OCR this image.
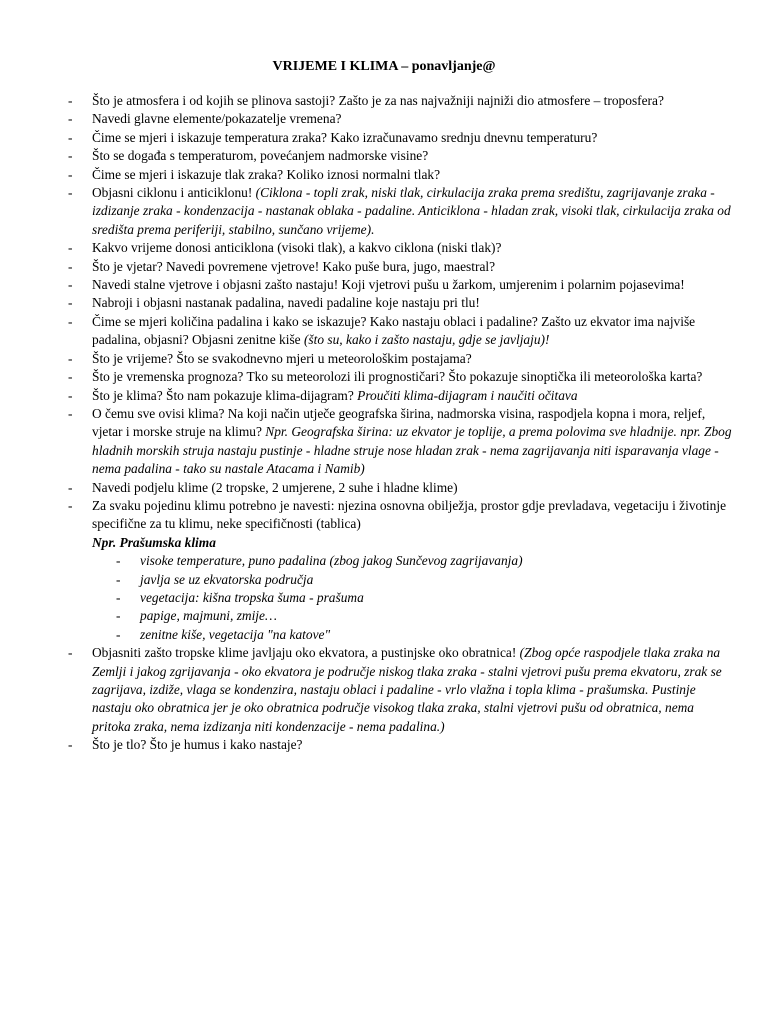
VRIJEME I KLIMA – ponavljanje@
- Što je atmosfera i od kojih se plinova sastoji? Zašto je za nas najvažniji najniži dio atmosfere – troposfera?
- Navedi glavne elemente/pokazatelje vremena?
- Čime se mjeri i iskazuje temperatura zraka? Kako izračunavamo srednju dnevnu temperaturu?
- Što se događa s temperaturom, povećanjem nadmorske visine?
- Čime se mjeri i iskazuje tlak zraka? Koliko iznosi normalni tlak?
- Objasni ciklonu i anticiklonu! (Ciklona - topli zrak, niski tlak, cirkulacija zraka prema središtu, zagrijavanje zraka - izdizanje zraka - kondenzacija - nastanak oblaka - padaline. Anticiklona - hladan zrak, visoki tlak, cirkulacija zraka od središta prema periferiji, stabilno, sunčano vrijeme).
- Kakvo vrijeme donosi anticiklona (visoki tlak), a kakvo ciklona (niski tlak)?
- Što je vjetar? Navedi povremene vjetrove! Kako puše bura, jugo, maestral?
- Navedi stalne vjetrove i objasni zašto nastaju! Koji vjetrovi pušu u žarkom, umjerenim i polarnim pojasevima!
- Nabroji i objasni nastanak padalina, navedi padaline koje nastaju pri tlu!
- Čime se mjeri količina padalina i kako se iskazuje? Kako nastaju oblaci i padaline? Zašto uz ekvator ima najviše padalina, objasni? Objasni zenitne kiše (što su, kako i zašto nastaju, gdje se javljaju)!
- Što je vrijeme? Što se svakodnevno mjeri u meteorološkim postajama?
- Što je vremenska prognoza? Tko su meteorolozi ili prognostičari? Što pokazuje sinoptička ili meteorološka karta?
- Što je klima? Što nam pokazuje klima-dijagram? Proučiti klima-dijagram i naučiti očitava
- O čemu sve ovisi klima? Na koji način utječe geografska širina, nadmorska visina, raspodjela kopna i mora, reljef, vjetar i morske struje na klimu? Npr. Geografska širina: uz ekvator je toplije, a prema polovima sve hladnije. npr. Zbog hladnih morskih struja nastaju pustinje - hladne struje nose hladan zrak - nema zagrijavanja niti isparavanja vlage - nema padalina - tako su nastale Atacama i Namib)
- Navedi podjelu klime (2 tropske, 2 umjerene, 2 suhe i hladne klime)
- Za svaku pojedinu klimu potrebno je navesti: njezina osnovna obilježja, prostor gdje prevladava, vegetaciju i životinje specifične za tu klimu, neke specifičnosti (tablica)
Npr. Prašumska klima
- visoke temperature, puno padalina (zbog jakog Sunčevog zagrijavanja)
- javlja se uz ekvatorska područja
- vegetacija: kišna tropska šuma - prašuma
- papige, majmuni, zmije…
- zenitne kiše, vegetacija "na katove"
- Objasniti zašto tropske klime javljaju oko ekvatora, a pustinjske oko obratnica! (Zbog opće raspodjele tlaka zraka na Zemlji i jakog zgrijavanja - oko ekvatora je područje niskog tlaka zraka - stalni vjetrovi pušu prema ekvatoru, zrak se zagrijava, izdiže, vlaga se kondenzira, nastaju oblaci i padaline - vrlo vlažna i topla klima - prašumska. Pustinje nastaju oko obratnica jer je oko obratnica područje visokog tlaka zraka, stalni vjetrovi pušu od obratnica, nema pritoka zraka, nema izdizanja niti kondenzacije - nema padalina.)
- Što je tlo? Što je humus i kako nastaje?
